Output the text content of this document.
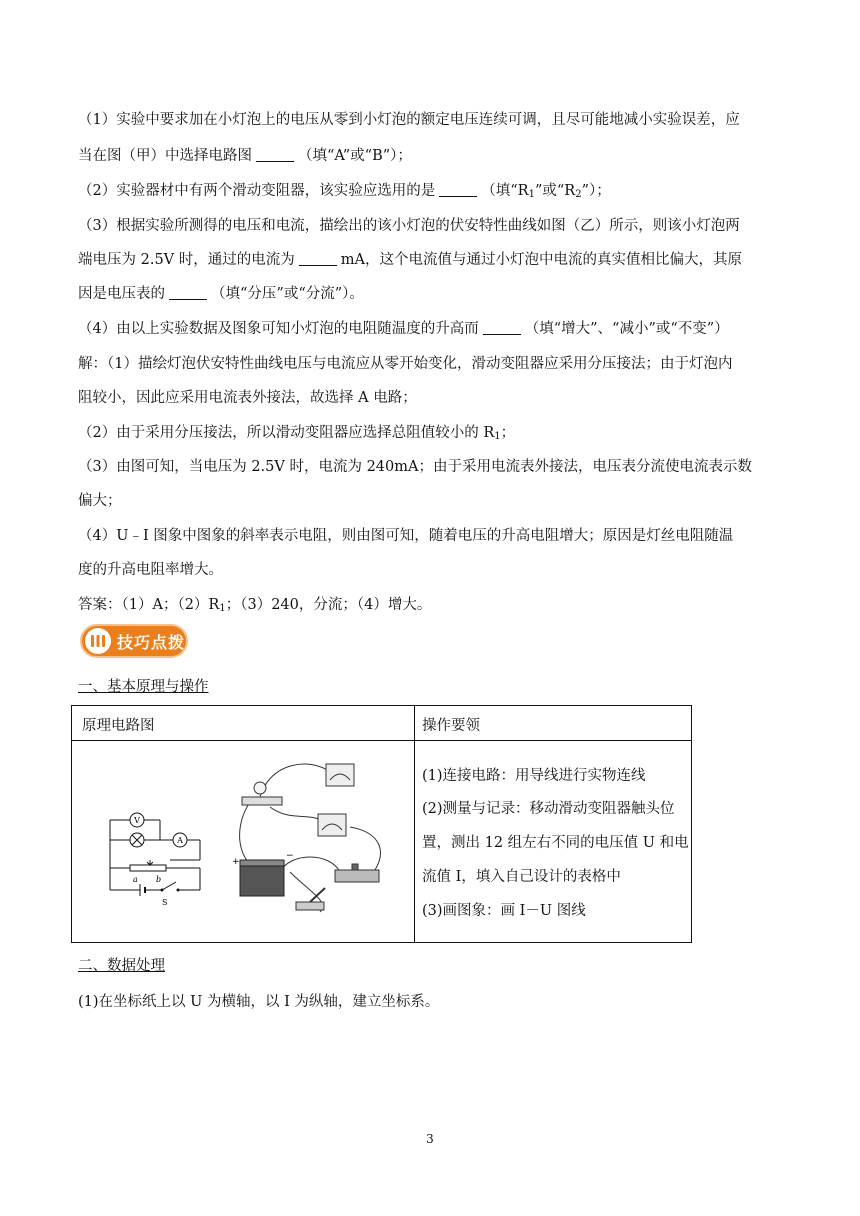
（1）实验中要求加在小灯泡上的电压从零到小灯泡的额定电压连续可调，且尽可能地减小实验误差，应
当在图（甲）中选择电路图	（填“A”或“B”）；
（2）实验器材中有两个滑动变阻器，该实验应选用的是	（填“$R_1$”或“$R_2$”）；
（3）根据实验所测得的电压和电流，描绘出的该小灯泡的伏安特性曲线如图（乙）所示，则该小灯泡两
端电压为 2.5V 时，通过的电流为	mA，这个电流值与通过小灯泡中电流的真实值相比偏大，其原
因是电压表的	（填“分压”或“分流”）。
（4）由以上实验数据及图象可知小灯泡的电阻随温度的升高而	（填“增大”、“减小”或“不变”）
解：（1）描绘灯泡伏安特性曲线电压与电流应从零开始变化，滑动变阻器应采用分压接法；由于灯泡内
阻较小，因此应采用电流表外接法，故选择 A 电路；
（2）由于采用分压接法，所以滑动变阻器应选择总阻值较小的 $R_1$；
（3）由图可知，当电压为 2.5V 时，电流为 240mA；由于采用电流表外接法，电压表分流使电流表示数
偏大；
（4）U﹣I 图象中图象的斜率表示电阻，则由图可知，随着电压的升高电阻增大；原因是灯丝电阻随温
度的升高电阻率增大。
答案：（1）A；$(2)R_1$；（3）240，分流；（4）增大。
技巧点拨
一、基本原理与操作
原理电路图	操作要领
V
A
a b
S
+
−
(1)连接电路：用导线进行实物连线
(2)测量与记录：移动滑动变阻器触头位
置，测出 12 组左右不同的电压值 U 和电
流值 I，填入自己设计的表格中
(3)画图象：画 I－U 图线
二、数据处理
(1)在坐标纸上以 U 为横轴，以 I 为纵轴，建立坐标系。
3
